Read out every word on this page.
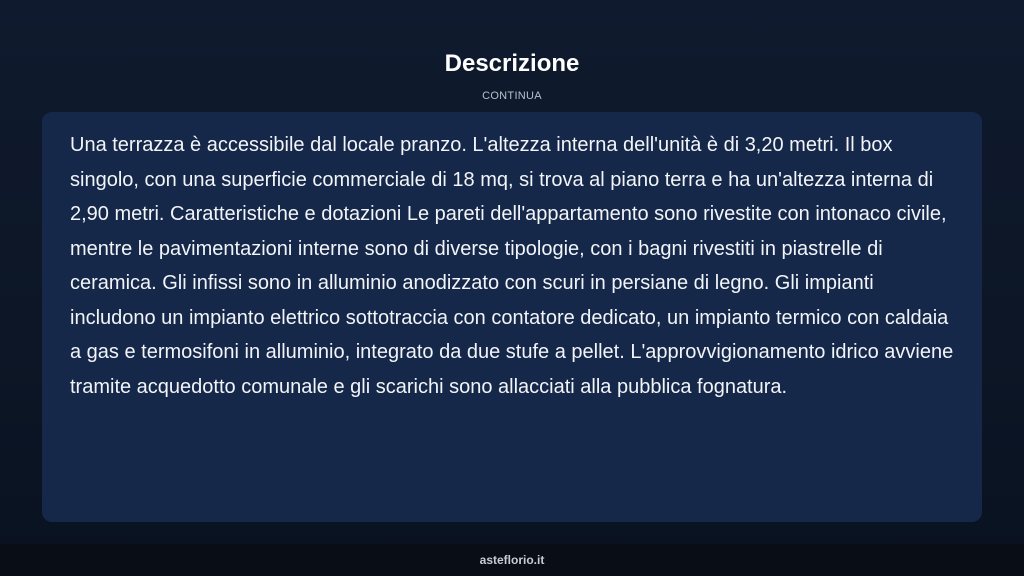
Descrizione
CONTINUA

Una terrazza è accessibile dal locale pranzo. L'altezza interna dell'unità è di 3,20 metri. Il box singolo, con una superficie commerciale di 18 mq, si trova al piano terra e ha un'altezza interna di 2,90 metri. Caratteristiche e dotazioni Le pareti dell'appartamento sono rivestite con intonaco civile, mentre le pavimentazioni interne sono di diverse tipologie, con i bagni rivestiti in piastrelle di ceramica. Gli infissi sono in alluminio anodizzato con scuri in persiane di legno. Gli impianti includono un impianto elettrico sottotraccia con contatore dedicato, un impianto termico con caldaia a gas e termosifoni in alluminio, integrato da due stufe a pellet. L'approvvigionamento idrico avviene tramite acquedotto comunale e gli scarichi sono allacciati alla pubblica fognatura.

asteflorio.it
